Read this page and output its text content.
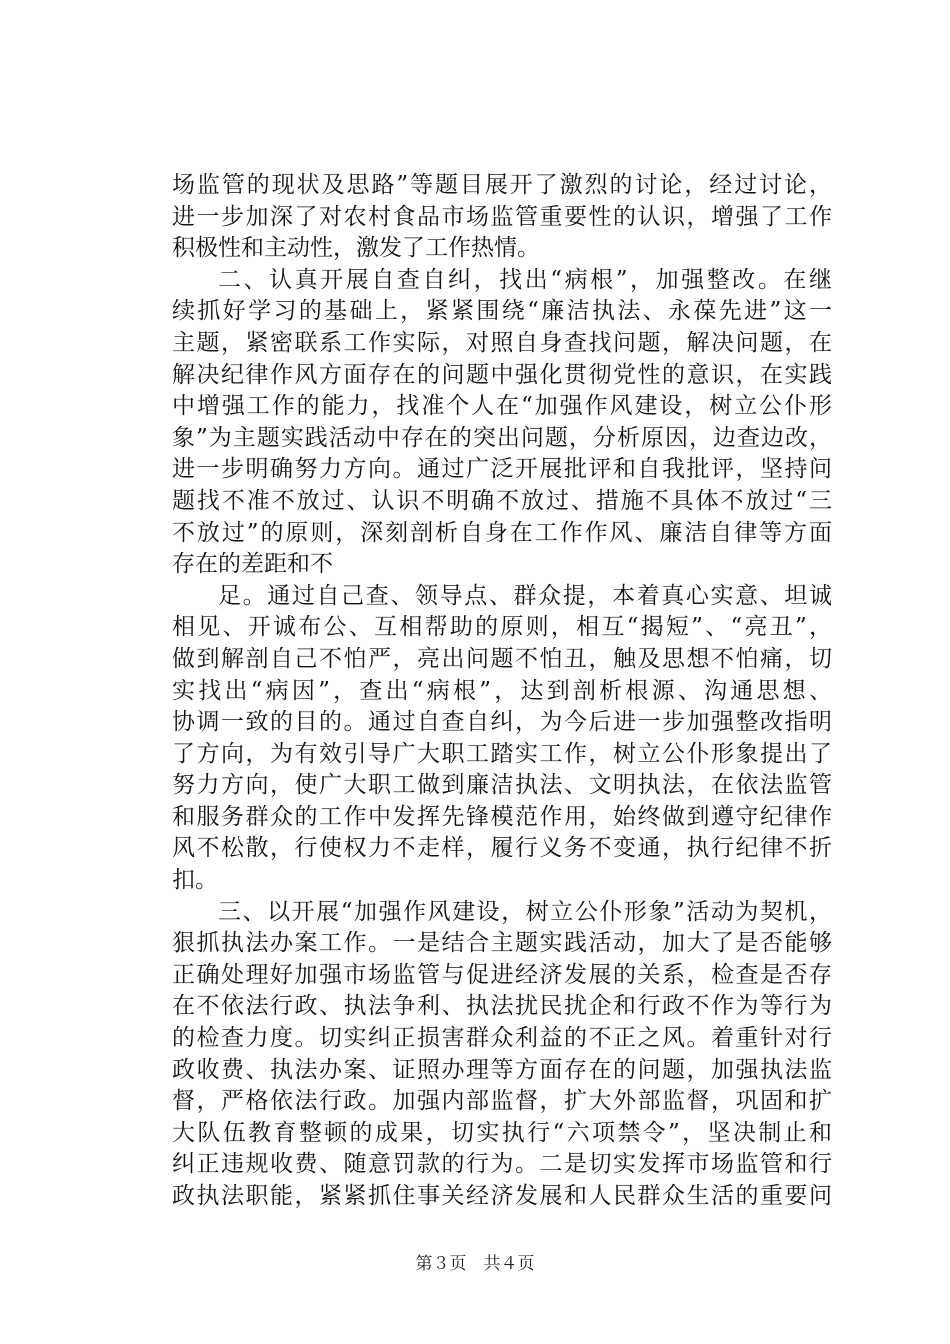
场监管的现状及思路”等题目展开了激烈的讨论，经过讨论，
进一步加深了对农村食品市场监管重要性的认识，增强了工作
积极性和主动性，激发了工作热情。
二、认真开展自查自纠，找出“病根”，加强整改。在继
续抓好学习的基础上，紧紧围绕“廉洁执法、永葆先进”这一
主题，紧密联系工作实际，对照自身查找问题，解决问题，在
解决纪律作风方面存在的问题中强化贯彻党性的意识，在实践
中增强工作的能力，找准个人在“加强作风建设，树立公仆形
象”为主题实践活动中存在的突出问题，分析原因，边查边改，
进一步明确努力方向。通过广泛开展批评和自我批评，坚持问
题找不准不放过、认识不明确不放过、措施不具体不放过“三
不放过”的原则，深刻剖析自身在工作作风、廉洁自律等方面
存在的差距和不
足。通过自己查、领导点、群众提，本着真心实意、坦诚
相见、开诚布公、互相帮助的原则，相互“揭短”、“亮丑”，
做到解剖自己不怕严，亮出问题不怕丑，触及思想不怕痛，切
实找出“病因”，查出“病根”，达到剖析根源、沟通思想、
协调一致的目的。通过自查自纠，为今后进一步加强整改指明
了方向，为有效引导广大职工踏实工作，树立公仆形象提出了
努力方向，使广大职工做到廉洁执法、文明执法，在依法监管
和服务群众的工作中发挥先锋模范作用，始终做到遵守纪律作
风不松散，行使权力不走样，履行义务不变通，执行纪律不折
扣。
三、以开展“加强作风建设，树立公仆形象”活动为契机，
狠抓执法办案工作。一是结合主题实践活动，加大了是否能够
正确处理好加强市场监管与促进经济发展的关系，检查是否存
在不依法行政、执法争利、执法扰民扰企和行政不作为等行为
的检查力度。切实纠正损害群众利益的不正之风。着重针对行
政收费、执法办案、证照办理等方面存在的问题，加强执法监
督，严格依法行政。加强内部监督，扩大外部监督，巩固和扩
大队伍教育整顿的成果，切实执行“六项禁令”，坚决制止和
纠正违规收费、随意罚款的行为。二是切实发挥市场监管和行
政执法职能，紧紧抓住事关经济发展和人民群众生活的重要问
第３页　共４页
